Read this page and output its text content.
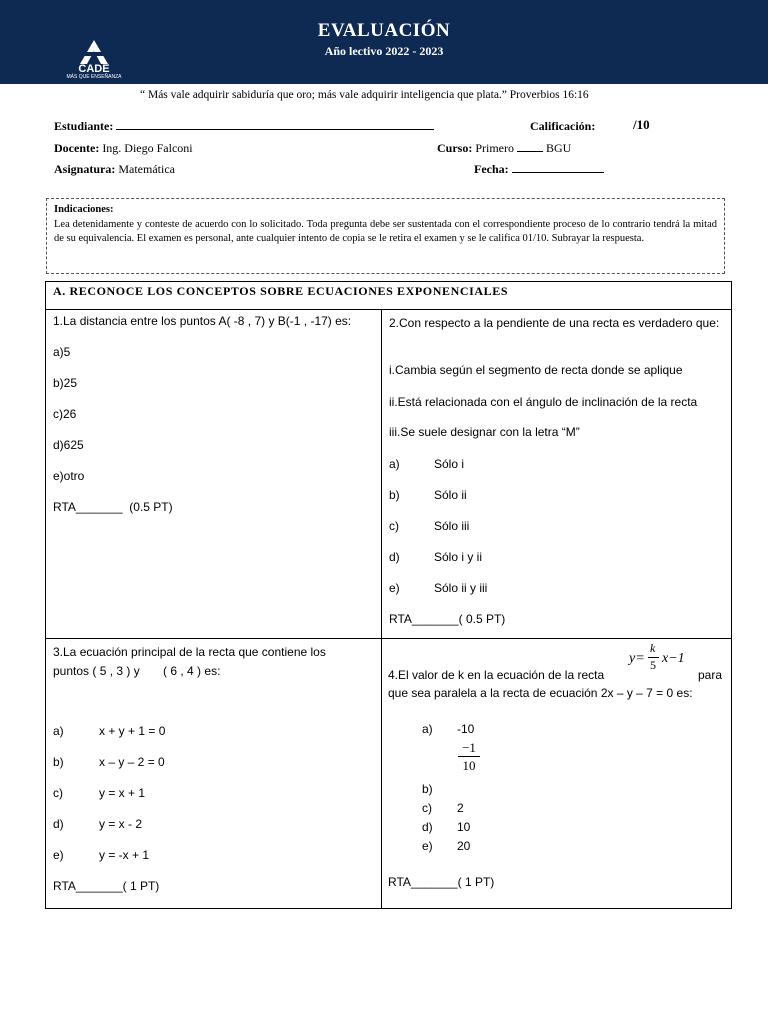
CADE
MÁS QUE ENSEÑANZA
EVALUACIÓN
Año lectivo 2022 - 2023
“ Más vale adquirir sabiduría que oro; más vale adquirir inteligencia que plata.” Proverbios 16:16
Estudiante:	Calificación:	/10
Docente: Ing. Diego Falconi	Curso: Primero	BGU
Asignatura: Matemática	Fecha:
Indicaciones:
Lea detenidamente y conteste de acuerdo con lo solicitado. Toda pregunta debe ser sustentada con el correspondiente proceso de lo contrario tendrá la mitad de su equivalencia. El examen es personal, ante cualquier intento de copia se le retira el examen y se le califica 01/10. Subrayar la respuesta.
A. RECONOCE LOS CONCEPTOS SOBRE ECUACIONES EXPONENCIALES
1.La distancia entre los puntos A( -8 , 7) y B(-1 , -17) es:
a)5
b)25
c)26
d)625
e)otro
RTA_______  (0.5 PT)
2.Con respecto a la pendiente de una recta es verdadero que:
i.Cambia según el segmento de recta donde se aplique
ii.Está relacionada con el ángulo de inclinación de la recta
iii.Se suele designar con la letra “M”
a)	Sólo i
b)	Sólo ii
c)	Sólo iii
d)	Sólo i y ii
e)	Sólo ii y iii
RTA_______( 0.5 PT)
3.La ecuación principal de la recta que contiene los
puntos ( 5 , 3 ) y       ( 6 , 4 ) es:
a)	x + y + 1 = 0
b)	x – y – 2 = 0
c)	y = x + 1
d)	y = x - 2
e)	y = -x + 1
RTA_______( 1 PT)
4.El valor de k en la ecuación de la recta
y=
k
5 x−1
para
que sea paralela a la recta de ecuación 2x – y – 7 = 0 es:
a) -10
−1
10
b)
c) 2
d) 10
e) 20
RTA_______( 1 PT)
